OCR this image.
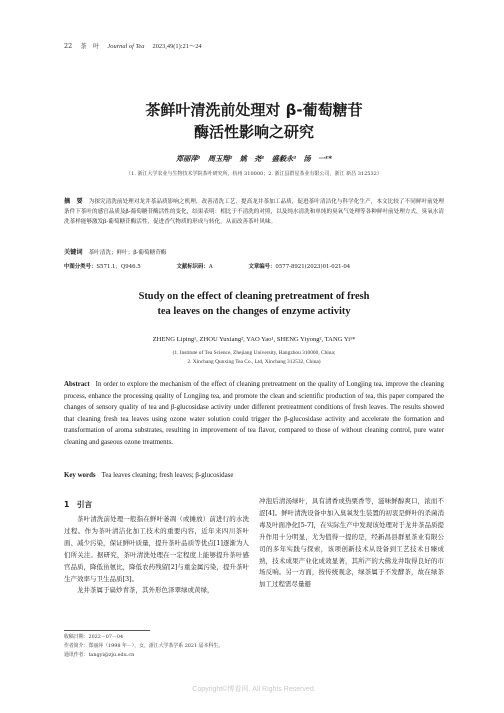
22 茶　叶 Journal of Tea 2023,49(1):21～24
茶鲜叶清洗前处理对 β-葡萄糖苷
酶活性影响之研究
郑丽萍¹　周玉翔²　姚　尧¹　盛毅永²　汤　一¹*
（1. 浙江大学农业与生物技术学院茶叶研究所，杭州 310000；2. 浙江县群星茶业有限公司，浙江 新昌 312532）
摘　要 为探究清洗前处理对龙井茶品质影响之机理，改善清洗工艺，提高龙井茶加工品质，促进茶叶清洁化与科学化生产，本文比较了不同鲜叶前处理条件下茶叶的感官品质及β-葡萄糖苷酶活性的变化，结果表明：相比于不清洗的对照，以及纯水清洗和单纯的臭氧气处理等各种鲜叶前处理方式，臭氧水清洗茶样能够激发β-葡萄糖苷酶活性，促进香气物质的形成与转化，从而改善茶叶风味。
关键词 茶叶清洗；鲜叶；β-葡萄糖苷酶
中图分类号：S571.1；Q946.5	文献标识码：A	文章编号：0577-8921(2023)01-021-04
Study on the effect of cleaning pretreatment of fresh
tea leaves on the changes of enzyme activity
ZHENG Liping¹, ZHOU Yuxiang², YAO Yao¹, SHENG Yiyong², TANG Yi¹*
(1. Institute of Tea Science, Zhejiang University, Hangzhou 310000, China;
2. Xinchang Qunxing Tea Co., Ltd, Xinchang 312532, China)
Abstract In order to explore the mechanism of the effect of cleaning pretreatment on the quality of Longjing tea, improve the cleaning process, enhance the processing quality of Longjing tea, and promote the clean and scientific production of tea, this paper compared the changes of sensory quality of tea and β-glucosidase activity under different pretreatment conditions of fresh leaves. The results showed that cleaning fresh tea leaves using ozone water solution could trigger the β-glucosidase activity and accelerate the formation and transformation of aroma substrates, resulting in improvement of tea flavor, compared to those of without cleaning control, pure water cleaning and gaseous ozone treatments.
Key words Tea leaves cleaning; fresh leaves; β-glucosidase
1　引言

茶叶清洗前处理一般指在鲜叶萎凋（或摊放）前进行的水洗过程。作为茶叶清洁化加工技术的重要内容，近年来四川茶叶面、减少污染，保证鲜叶质量，提升茶叶品质等优点[1]逐渐为人们所关注。据研究，茶叶清洗处理在一定程度上能够提升茶叶感官品质，降低甾氨比，降低农药残留[2]与重金属污染，提升茶叶生产效率与卫生品质[3]。

龙井茶属于扁炒青茶，其外形色泽翠绿或黄绿，

冲泡后清汤绿叶，具有清香或热栗香等，滋味鲜醇爽口，浓而不涩[4]。鲜叶清洗设备中加入臭氧发生装置的初衷是鲜叶的杀菌消毒及叶面净化[5-7]，在实际生产中发现该处理对于龙井茶品质提升作用十分明显，尤为值得一提的是，经新昌县群星茶业有限公司的多年实践与探索，该项创新技术从设备到工艺技术日臻成熟，技术成果产业化成效显著，其所产的大佛龙井取得良好的市场反响。另一方面，按传统观念，绿茶属于不发酵茶，故在绿茶加工过程需尽量避

收稿日期：2022－07－04
作者简介：郑丽萍（1998 年－），女，浙江大学茶学系 2021 届本科生。
通讯作者：tangyi@zju.edu.cn
Copyright©博看网. All Rights Reserved.
